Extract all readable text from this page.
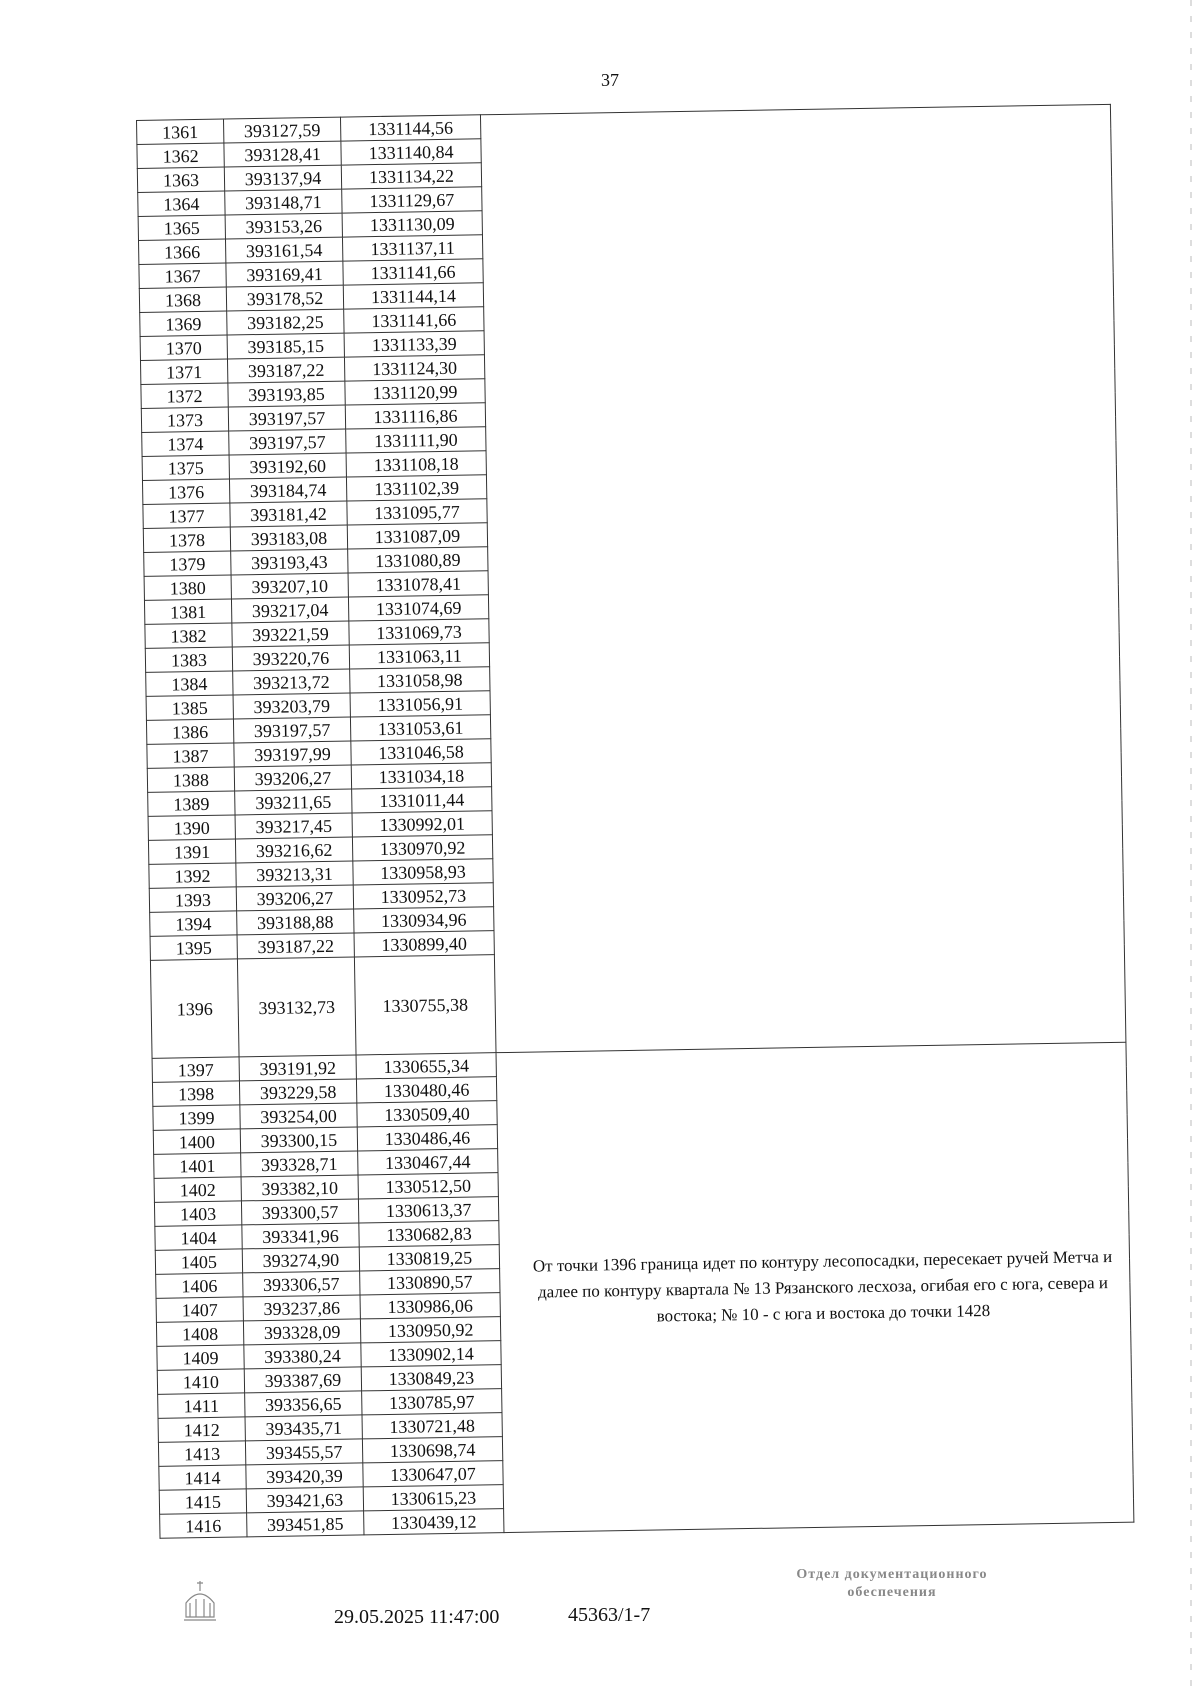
37
1361	393127,59	1331144,56	
1362	393128,41	1331140,84	
1363	393137,94	1331134,22	
1364	393148,71	1331129,67	
1365	393153,26	1331130,09	
1366	393161,54	1331137,11	
1367	393169,41	1331141,66	
1368	393178,52	1331144,14	
1369	393182,25	1331141,66	
1370	393185,15	1331133,39	
1371	393187,22	1331124,30	
1372	393193,85	1331120,99	
1373	393197,57	1331116,86	
1374	393197,57	1331111,90	
1375	393192,60	1331108,18	
1376	393184,74	1331102,39	
1377	393181,42	1331095,77	
1378	393183,08	1331087,09	
1379	393193,43	1331080,89	
1380	393207,10	1331078,41	
1381	393217,04	1331074,69	
1382	393221,59	1331069,73	
1383	393220,76	1331063,11	
1384	393213,72	1331058,98	
1385	393203,79	1331056,91	
1386	393197,57	1331053,61	
1387	393197,99	1331046,58	
1388	393206,27	1331034,18	
1389	393211,65	1331011,44	
1390	393217,45	1330992,01	
1391	393216,62	1330970,92	
1392	393213,31	1330958,93	
1393	393206,27	1330952,73	
1394	393188,88	1330934,96	
1395	393187,22	1330899,40	
1396	393132,73	1330755,38	
1397	393191,92	1330655,34	От точки 1396 граница идет по контуру лесопосадки, пересекает ручей Метча и далее по контуру квартала № 13 Рязанского лесхоза, огибая его с юга, севера и востока; № 10 - с юга и востока до точки 1428
1398	393229,58	1330480,46	
1399	393254,00	1330509,40	
1400	393300,15	1330486,46	
1401	393328,71	1330467,44	
1402	393382,10	1330512,50	
1403	393300,57	1330613,37	
1404	393341,96	1330682,83	
1405	393274,90	1330819,25	
1406	393306,57	1330890,57	
1407	393237,86	1330986,06	
1408	393328,09	1330950,92	
1409	393380,24	1330902,14	
1410	393387,69	1330849,23	
1411	393356,65	1330785,97	
1412	393435,71	1330721,48	
1413	393455,57	1330698,74	
1414	393420,39	1330647,07	
1415	393421,63	1330615,23	
1416	393451,85	1330439,12	
29.05.2025 11:47:00	45363/1-7
Отдел документационного
обеспечения
